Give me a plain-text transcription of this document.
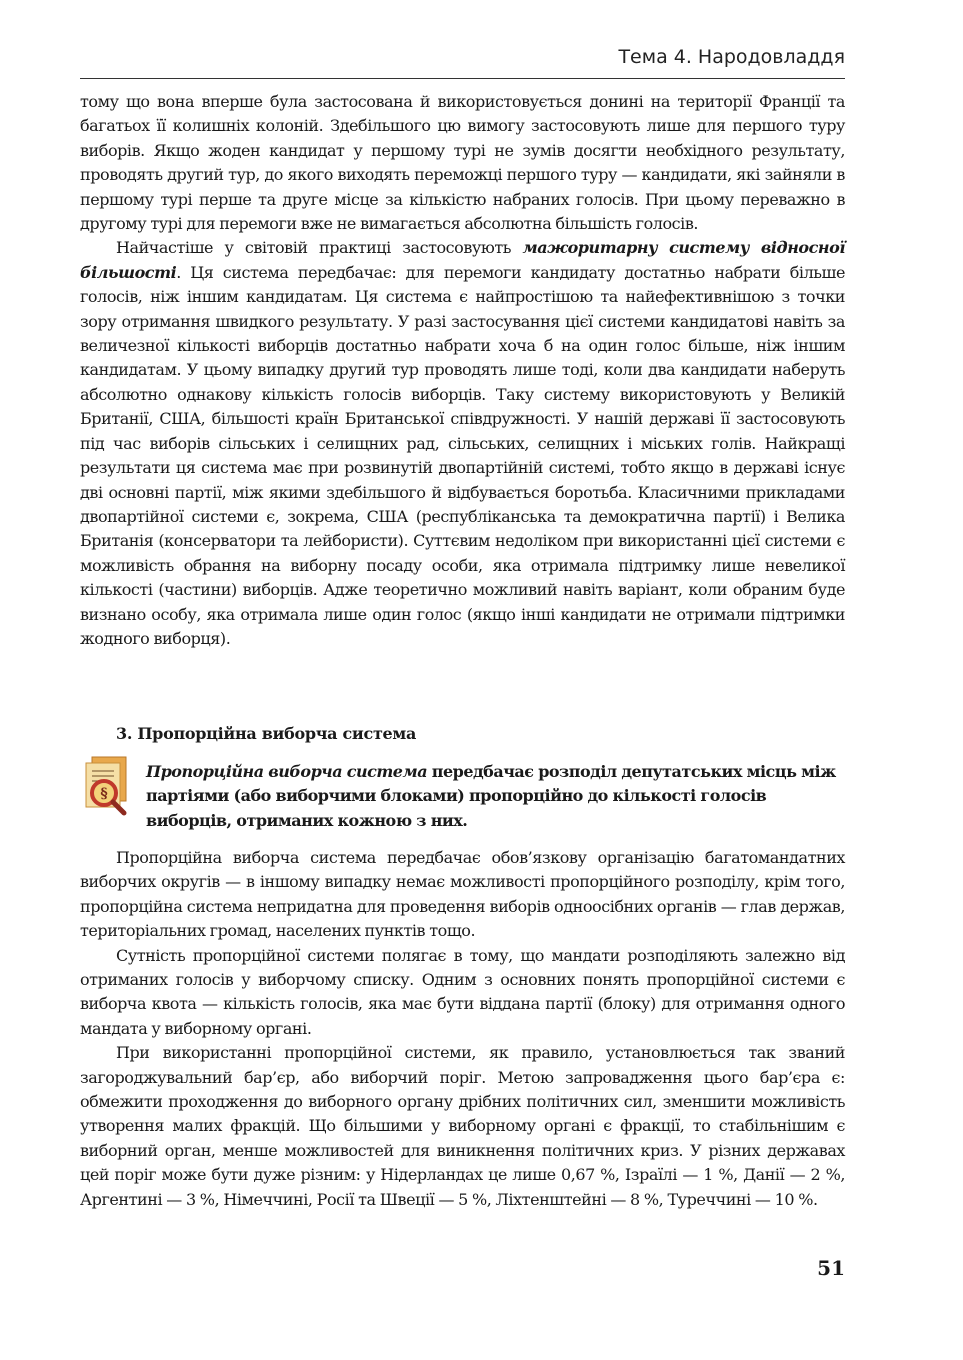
Тема 4. Народовладдя

тому що вона вперше була застосована й використовується донині на території Франції та багатьох її колишніх колоній. Здебільшого цю вимогу застосовують лише для першого туру виборів. Якщо жоден кандидат у першому турі не зумів досягти необхідного результату, проводять другий тур, до якого виходять переможці першого туру — кандидати, які зайняли в першому турі перше та друге місце за кількістю набраних голосів. При цьому переважно в другому турі для перемоги вже не вимагається абсолютна більшість голосів.

Найчастіше у світовій практиці застосовують мажоритарну систему відносної більшості. Ця система передбачає: для перемоги кандидату достатньо набрати більше голосів, ніж іншим кандидатам. Ця система є найпростішою та найефективнішою з точки зору отримання швидкого результату. У разі застосування цієї системи кандидатові навіть за величезної кількості виборців достатньо набрати хоча б на один голос більше, ніж іншим кандидатам. У цьому випадку другий тур проводять лише тоді, коли два кандидати наберуть абсолютно однакову кількість голосів виборців. Таку систему використовують у Великій Британії, США, більшості країн Британської співдружності. У нашій державі її застосовують під час виборів сільських і селищних рад, сільських, селищних і міських голів. Найкращі результати ця система має при розвинутій двопартійній системі, тобто якщо в державі існує дві основні партії, між якими здебільшого й відбувається боротьба. Класичними прикладами двопартійної системи є, зокрема, США (республіканська та демократична партії) і Велика Британія (консерватори та лейбористи). Суттєвим недоліком при використанні цієї системи є можливість обрання на виборну посаду особи, яка отримала підтримку лише невеликої кількості (частини) виборців. Адже теоретично можливий навіть варіант, коли обраним буде визнано особу, яка отримала лише один голос (якщо інші кандидати не отримали підтримки жодного виборця).

3. Пропорційна виборча система
§
Пропорційна виборча система передбачає розподіл депутатських місць між партіями (або виборчими блоками) пропорційно до кількості голосів виборців, отриманих кожною з них.

Пропорційна виборча система передбачає обов’язкову організацію багатомандатних виборчих округів — в іншому випадку немає можливості пропорційного розподілу, крім того, пропорційна система непридатна для проведення виборів одноосібних органів — глав держав, територіальних громад, населених пунктів тощо.

Сутність пропорційної системи полягає в тому, що мандати розподіляють залежно від отриманих голосів у виборчому списку. Одним з основних понять пропорційної системи є виборча квота — кількість голосів, яка має бути віддана партії (блоку) для отримання одного мандата у виборному органі.

При використанні пропорційної системи, як правило, установлюється так званий загороджувальний бар’єр, або виборчий поріг. Метою запровадження цього бар’єра є: обмежити проходження до виборного органу дрібних політичних сил, зменшити можливість утворення малих фракцій. Що більшими у виборному органі є фракції, то стабільнішим є виборний орган, менше можливостей для виникнення політичних криз. У різних державах цей поріг може бути дуже різним: у Нідерландах це лише 0,67 %, Ізраїлі — 1 %, Данії — 2 %, Аргентині — 3 %, Німеччині, Росії та Швеції — 5 %, Ліхтенштейні — 8 %, Туреччині — 10 %.

51
